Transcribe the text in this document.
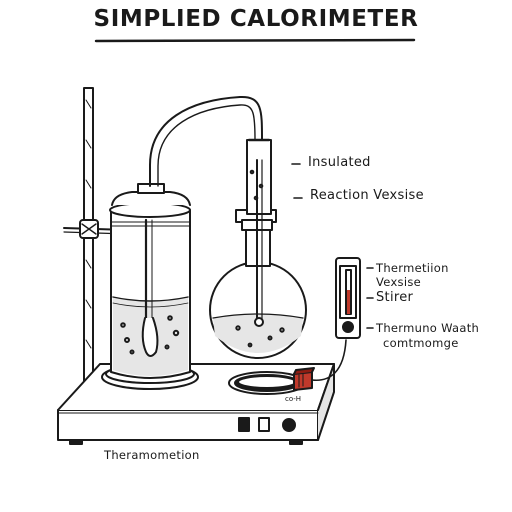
SIMPLIED CALORIMETER
Insulated
Reaction Vexsise
Thermetiion
Vexsise
Stirer
Thermuno Waath
comtmomge
Theramometion
co-H
